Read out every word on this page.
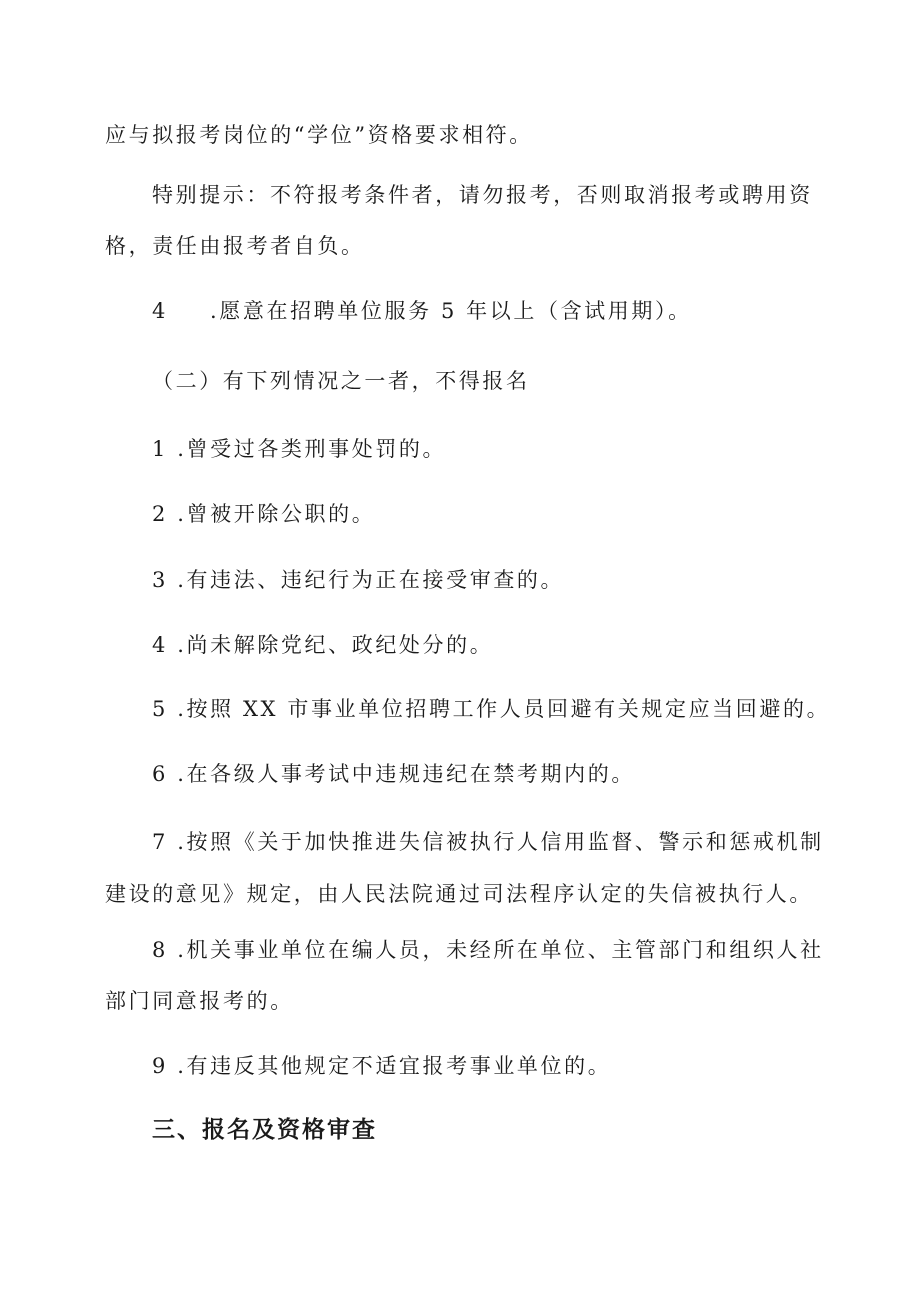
应与拟报考岗位的“学位”资格要求相符。
特别提示：不符报考条件者，请勿报考，否则取消报考或聘用资
格，责任由报考者自负。
4 .愿意在招聘单位服务 5 年以上（含试用期）。
（二）有下列情况之一者，不得报名
1 .曾受过各类刑事处罚的。
2 .曾被开除公职的。
3 .有违法、违纪行为正在接受审查的。
4 .尚未解除党纪、政纪处分的。
5 .按照 XX 市事业单位招聘工作人员回避有关规定应当回避的。
6 .在各级人事考试中违规违纪在禁考期内的。
7 .按照《关于加快推进失信被执行人信用监督、警示和惩戒机制
建设的意见》规定，由人民法院通过司法程序认定的失信被执行人。
8 .机关事业单位在编人员，未经所在单位、主管部门和组织人社
部门同意报考的。
9 .有违反其他规定不适宜报考事业单位的。
三、报名及资格审查
